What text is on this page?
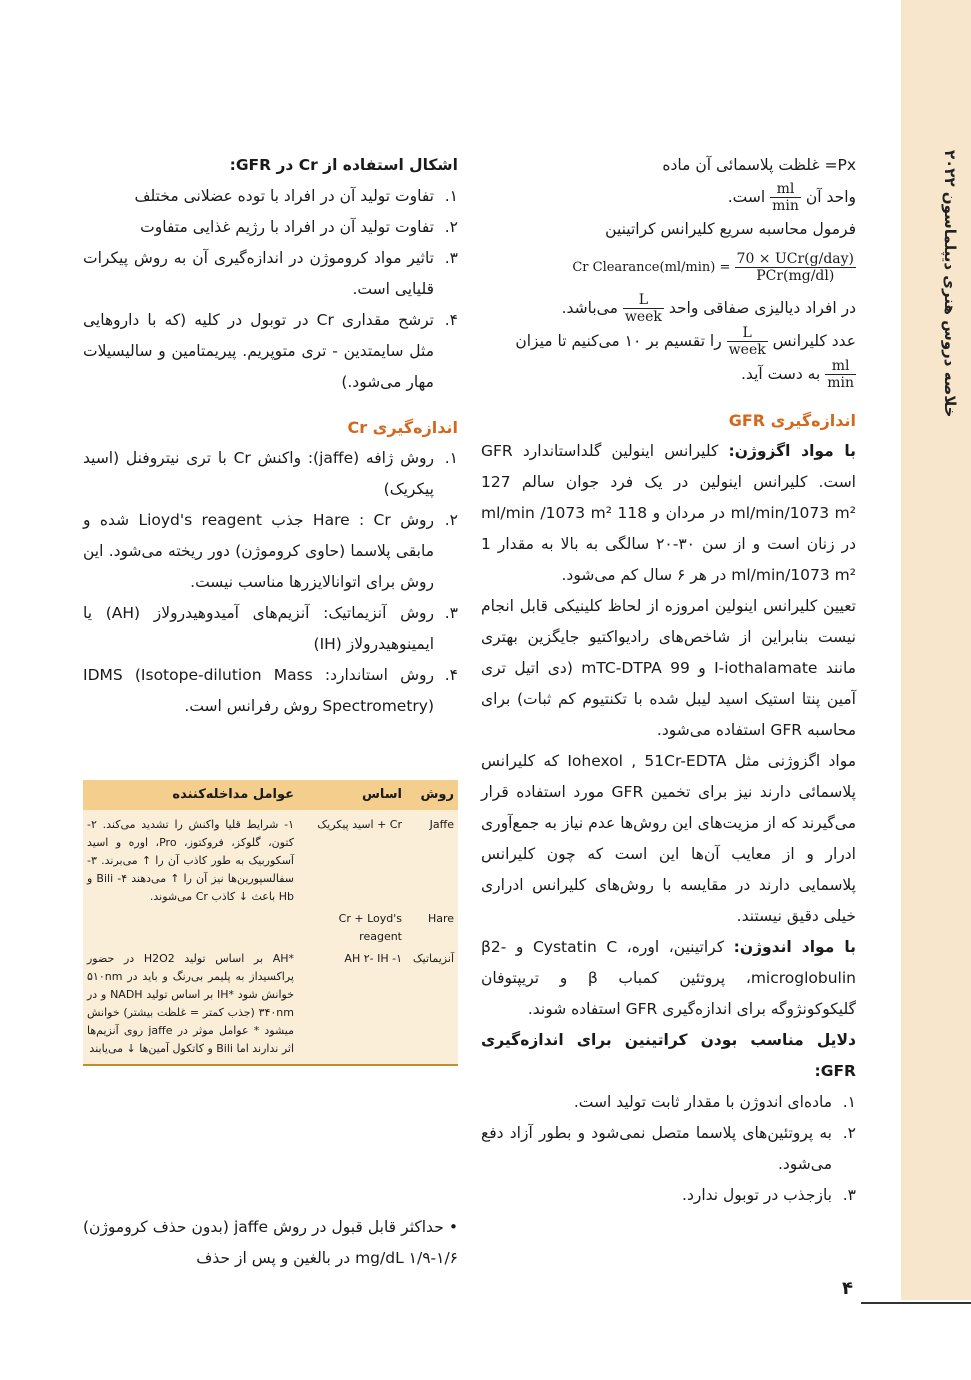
خلاصه دروس هنری دیپلماسون ۲۰۲۲

Px= غلظت پلاسمائی آن ماده

واحد آن
$\frac{ml}{\min}$
است.

فرمول محاسبه سریع کلیرانس کراتینین

Cr Clearance(ml/min) = $\frac{\text{70 × UCr(g/day)}}{\text{PCr(mg/dl)}}$

در افراد دیالیزی صفاقی واحد
$\frac{L}{\text{week}}$
می‌باشد.

عدد کلیرانس
$\frac{L}{\text{week}}$
را تقسیم بر ۱۰ می‌کنیم تا میزان

$\frac{ml}{\min}$
به دست آید.

اندازه‌گیری GFR

با مواد اگزوژن: کلیرانس اینولین گلداستاندارد GFR است. کلیرانس اینولین در یک فرد جوان سالم 127 ml/min/1073 m² در مردان و 118 ml/min /1073 m² در زنان است و از سن ۳۰-۲۰ سالگی به بالا به مقدار 1 ml/min/1073 m² در هر ۶ سال کم می‌شود.

تعیین کلیرانس اینولین امروزه از لحاظ کلینیکی قابل انجام نیست بنابراین از شاخص‌های رادیواکتیو جایگزین بهتری مانند I-iothalamate و 99 mTC-DTPA (دی اتیل تری آمین پنتا استیک اسید لیبل شده با تکنتیوم کم ثبات) برای محاسبه GFR استفاده می‌شود.

مواد اگزوژنی مثل Iohexol , 51Cr-EDTA که کلیرانس پلاسمائی دارند نیز برای تخمین GFR مورد استفاده قرار می‌گیرند که از مزیت‌های این روش‌ها عدم نیاز به جمع‌آوری ادرار و از معایب آن‌ها این است که چون کلیرانس پلاسمایی دارند در مقایسه با روش‌های کلیرانس ادراری خیلی دقیق نیستند.

با مواد اندوژن: کراتینین، اوره، Cystatin C و β2-microglobulin، پروتئین کمباب β و تریپتوفان گلیکوکونژوگه برای اندازه‌گیری GFR استفاده شوند.

دلایل مناسب بودن کراتینین برای اندازه‌گیری GFR:

۱.
ماده‌ای اندوژن با مقدار ثابت تولید است.
۲.
به پروتئین‌های پلاسما متصل نمی‌شود و بطور آزاد دفع می‌شود.
۳.
بازجذب در توبول ندارد.

اشکال استفاده از Cr در GFR:

۱.
تفاوت تولید آن در افراد با توده عضلانی مختلف
۲.
تفاوت تولید آن در افراد با رژیم غذایی متفاوت
۳.
تاثیر مواد کروموژن در اندازه‌گیری آن به روش پیکرات قلیایی است.
۴.
ترشح مقداری Cr در توبول در کلیه (که با داروهایی مثل سایمتدین - تری متوپریم. پیریمتامین و سالیسیلات مهار می‌شود.)

اندازه‌گیری Cr

۱.
روش ژافه (jaffe): واکنش Cr با تری نیتروفنل (اسید پیکریک)
۲.
روش Hare : Cr جذب Lioyd's reagent شده و مابقی پلاسما (حاوی کروموژن) دور ریخته می‌شود. این روش برای اتوانالایزرها مناسب نیست.
۳.
روش آنزیماتیک: آنزیم‌های آمیدوهیدرولاز (AH) یا ایمینوهیدرولاز (IH)
۴.
روش استاندارد: IDMS (Isotope-dilution Mass Spectrometry) روش رفرانس است.
روش
اساس
عوامل مداخله‌کننده
Jaffe
Cr + اسید پیکریک
۱- شرایط قلیا واکنش را تشدید می‌کند. ۲- کتون، گلوکز، فروکتوز، Pro، اوره و اسید آسکوربیک به طور کاذب آن را ↑ می‌برند. ۳- سفالسپورین‌ها نیز آن را ↑ می‌دهند ۴- Bili و Hb باعث ↓ کاذب Cr می‌شوند.
Hare
Cr + Loyd's reagent
آنزیماتیک
۱- AH ۲- IH
*AH بر اساس تولید H2O2 در حضور پراکسیداز به پلیمر بی‌رنگ و باید در ۵۱۰nm خوانش شود *IH بر اساس تولید NADH و در ۳۴۰nm (جذب کمتر = غلظت بیشتر) خوانش میشود * عوامل موثر در jaffe روی آنزیم‌ها اثر ندارند اما Bili و کاتکول آمین‌ها ↓ می‌یابند
• حداکثر قابل قبول در روش jaffe (بدون حذف کروموژن) ۱/۶-۱/۹ mg/dL در بالغین و پس از حذف
۴
